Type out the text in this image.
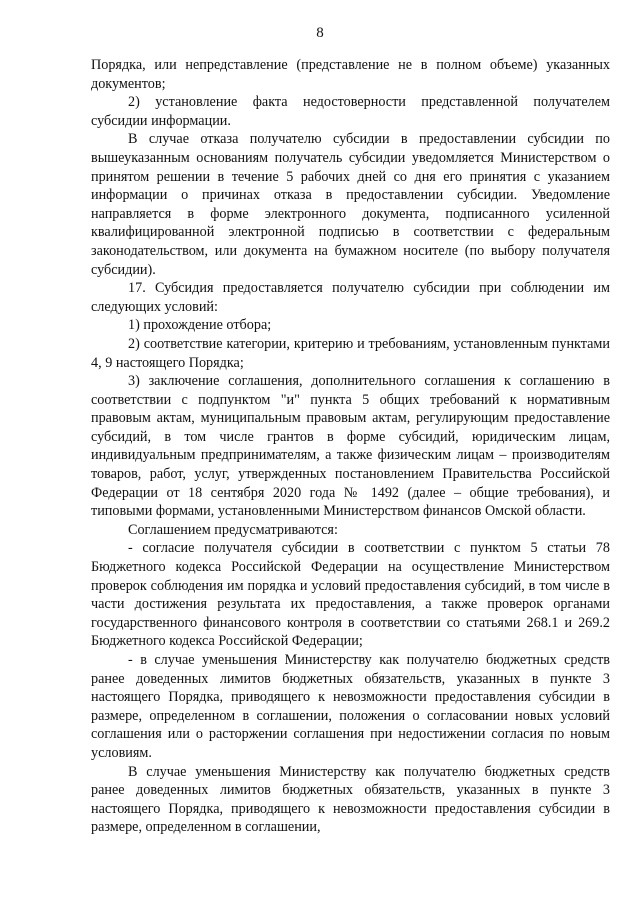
8

Порядка, или непредставление (представление не в полном объеме) указанных документов;

2) установление факта недостоверности представленной получателем субсидии информации.

В случае отказа получателю субсидии в предоставлении субсидии по вышеуказанным основаниям получатель субсидии уведомляется Министерством о принятом решении в течение 5 рабочих дней со дня его принятия с указанием информации о причинах отказа в предоставлении субсидии. Уведомление направляется в форме электронного документа, подписанного усиленной квалифицированной электронной подписью в соответствии с федеральным законодательством, или документа на бумажном носителе (по выбору получателя субсидии).

17. Субсидия предоставляется получателю субсидии при соблюдении им следующих условий:

1) прохождение отбора;

2) соответствие категории, критерию и требованиям, установленным пунктами 4, 9 настоящего Порядка;

3) заключение соглашения, дополнительного соглашения к соглашению в соответствии с подпунктом "и" пункта 5 общих требований к нормативным правовым актам, муниципальным правовым актам, регулирующим предоставление субсидий, в том числе грантов в форме субсидий, юридическим лицам, индивидуальным предпринимателям, а также физическим лицам – производителям товаров, работ, услуг, утвержденных постановлением Правительства Российской Федерации от 18 сентября 2020 года № 1492 (далее – общие требования), и типовыми формами, установленными Министерством финансов Омской области.

Соглашением предусматриваются:

- согласие получателя субсидии в соответствии с пунктом 5 статьи 78 Бюджетного кодекса Российской Федерации на осуществление Министерством проверок соблюдения им порядка и условий предоставления субсидий, в том числе в части достижения результата их предоставления, а также проверок органами государственного финансового контроля в соответствии со статьями 268.1 и 269.2 Бюджетного кодекса Российской Федерации;

- в случае уменьшения Министерству как получателю бюджетных средств ранее доведенных лимитов бюджетных обязательств, указанных в пункте 3 настоящего Порядка, приводящего к невозможности предоставления субсидии в размере, определенном в соглашении, положения о согласовании новых условий соглашения или о расторжении соглашения при недостижении согласия по новым условиям.

В случае уменьшения Министерству как получателю бюджетных средств ранее доведенных лимитов бюджетных обязательств, указанных в пункте 3 настоящего Порядка, приводящего к невозможности предоставления субсидии в размере, определенном в соглашении,
